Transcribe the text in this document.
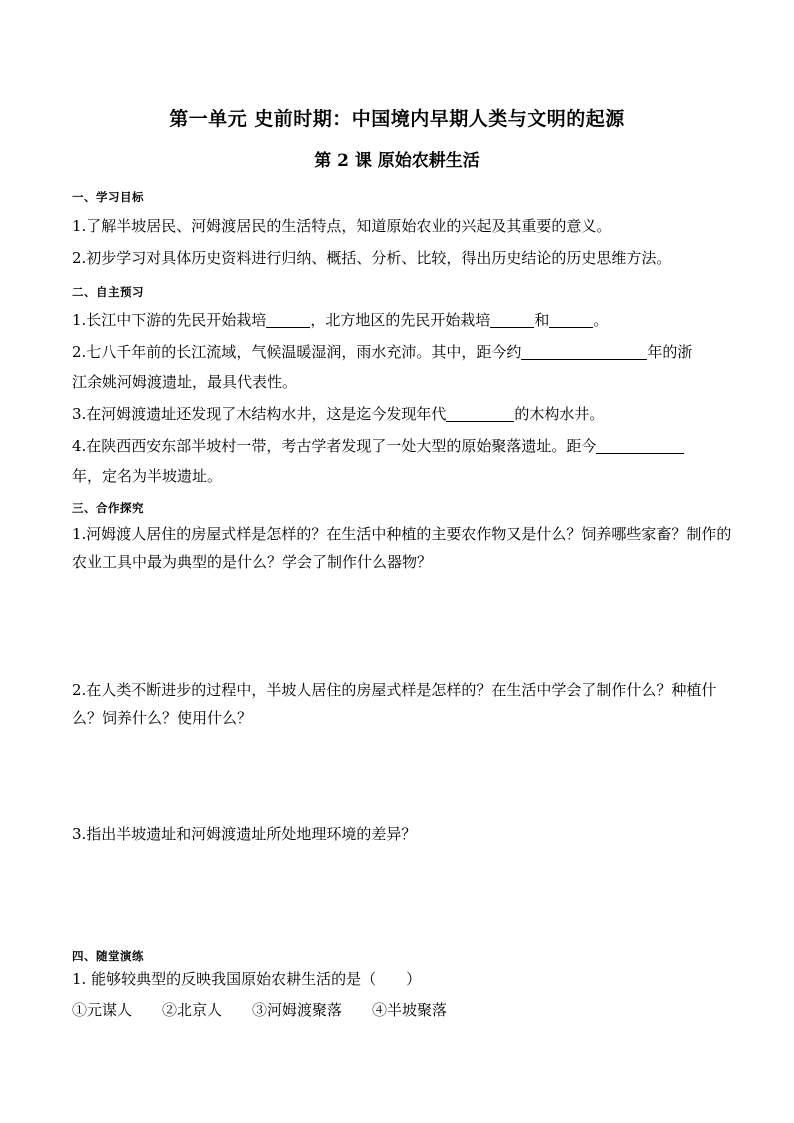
第一单元 史前时期：中国境内早期人类与文明的起源
第 2 课 原始农耕生活
一、学习目标
1.了解半坡居民、河姆渡居民的生活特点，知道原始农业的兴起及其重要的意义。
2.初步学习对具体历史资料进行归纳、概括、分析、比较，得出历史结论的历史思维方法。
二、自主预习
1.长江中下游的先民开始栽培	，北方地区的先民开始栽培	和	。
2.七八千年前的长江流域，气候温暖湿润，雨水充沛。其中，距今约	年的浙
江余姚河姆渡遗址，最具代表性。
3.在河姆渡遗址还发现了木结构水井，这是迄今发现年代	的木构水井。
4.在陕西西安东部半坡村一带，考古学者发现了一处大型的原始聚落遗址。距今
年，定名为半坡遗址。
三、合作探究
1.河姆渡人居住的房屋式样是怎样的？在生活中种植的主要农作物又是什么？饲养哪些家畜？制作的农业工具中最为典型的是什么？学会了制作什么器物？
2.在人类不断进步的过程中，半坡人居住的房屋式样是怎样的？在生活中学会了制作什么？种植什么？饲养什么？使用什么？
3.指出半坡遗址和河姆渡遗址所处地理环境的差异？
四、随堂演练
1. 能够较典型的反映我国原始农耕生活的是（　　）
①元谋人 ②北京人 ③河姆渡聚落 ④半坡聚落
